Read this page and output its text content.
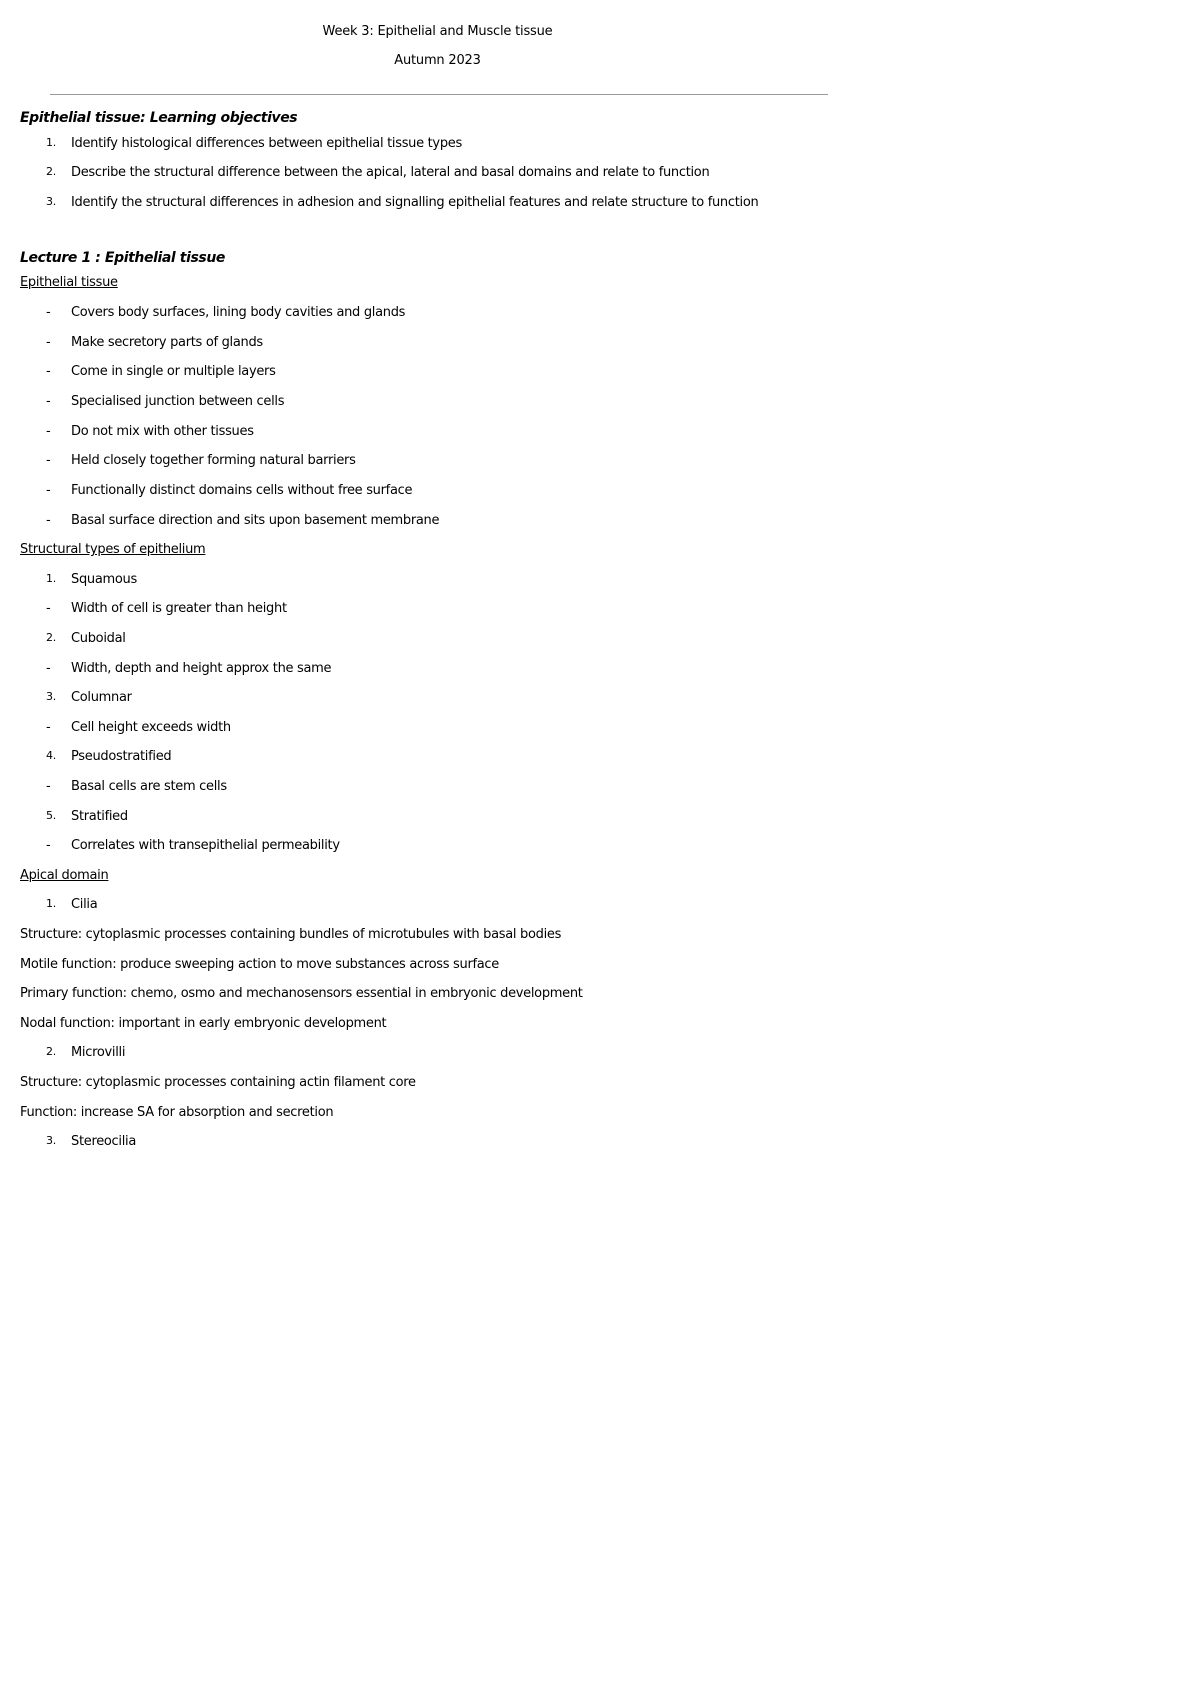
Week 3: Epithelial and Muscle tissue
Autumn 2023
Epithelial tissue: Learning objectives
1.	Identify histological differences between epithelial tissue types
2.	Describe the structural difference between the apical, lateral and basal domains and relate to function
3.	Identify the structural differences in adhesion and signalling epithelial features and relate structure to function
Lecture 1 : Epithelial tissue
Epithelial tissue
-	Covers body surfaces, lining body cavities and glands
-	Make secretory parts of glands
-	Come in single or multiple layers
-	Specialised junction between cells
-	Do not mix with other tissues
-	Held closely together forming natural barriers
-	Functionally distinct domains cells without free surface
-	Basal surface direction and sits upon basement membrane
Structural types of epithelium
1.	Squamous
-	Width of cell is greater than height
2.	Cuboidal
-	Width, depth and height approx the same
3.	Columnar
-	Cell height exceeds width
4.	Pseudostratified
-	Basal cells are stem cells
5.	Stratified
-	Correlates with transepithelial permeability
Apical domain
1.	Cilia
Structure: cytoplasmic processes containing bundles of microtubules with basal bodies
Motile function: produce sweeping action to move substances across surface
Primary function: chemo, osmo and mechanosensors essential in embryonic development
Nodal function: important in early embryonic development
2.	Microvilli
Structure: cytoplasmic processes containing actin filament core
Function: increase SA for absorption and secretion
3.	Stereocilia
